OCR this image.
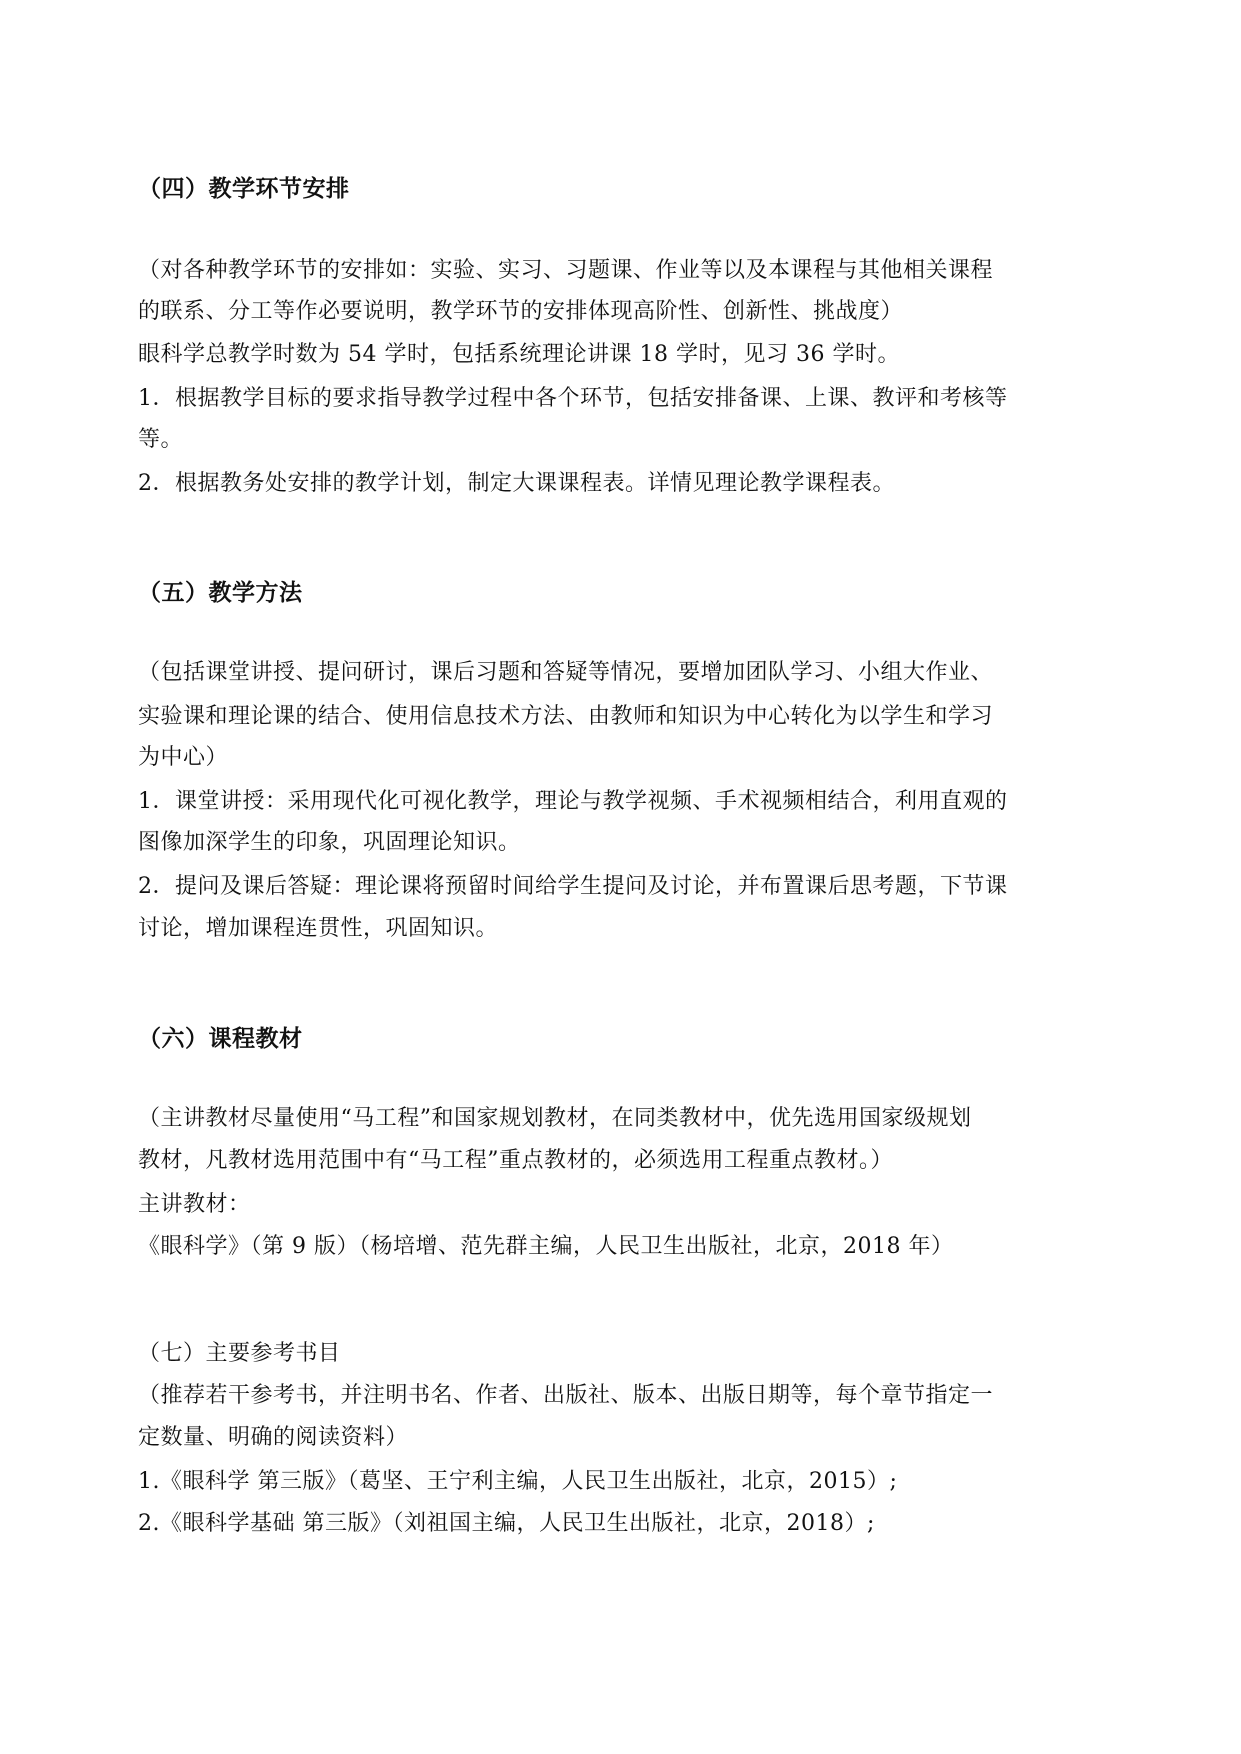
（四）教学环节安排
（对各种教学环节的安排如：实验、实习、习题课、作业等以及本课程与其他相关课程
的联系、分工等作必要说明，教学环节的安排体现高阶性、创新性、挑战度）
眼科学总教学时数为 54 学时，包括系统理论讲课 18 学时，见习 36 学时。
1．根据教学目标的要求指导教学过程中各个环节，包括安排备课、上课、教评和考核等
等。
2．根据教务处安排的教学计划，制定大课课程表。详情见理论教学课程表。
（五）教学方法
（包括课堂讲授、提问研讨，课后习题和答疑等情况，要增加团队学习、小组大作业、
实验课和理论课的结合、使用信息技术方法、由教师和知识为中心转化为以学生和学习
为中心）
1．课堂讲授：采用现代化可视化教学，理论与教学视频、手术视频相结合，利用直观的
图像加深学生的印象，巩固理论知识。
2．提问及课后答疑：理论课将预留时间给学生提问及讨论，并布置课后思考题，下节课
讨论，增加课程连贯性，巩固知识。
（六）课程教材
（主讲教材尽量使用“马工程”和国家规划教材，在同类教材中，优先选用国家级规划
教材，凡教材选用范围中有“马工程”重点教材的，必须选用工程重点教材。）
主讲教材：
《眼科学》（第 9 版）（杨培增、范先群主编，人民卫生出版社，北京，2018 年）
（七）主要参考书目
（推荐若干参考书，并注明书名、作者、出版社、版本、出版日期等，每个章节指定一
定数量、明确的阅读资料）
1.《眼科学 第三版》（葛坚、王宁利主编，人民卫生出版社，北京，2015）;
2.《眼科学基础 第三版》（刘祖国主编，人民卫生出版社，北京，2018）;
